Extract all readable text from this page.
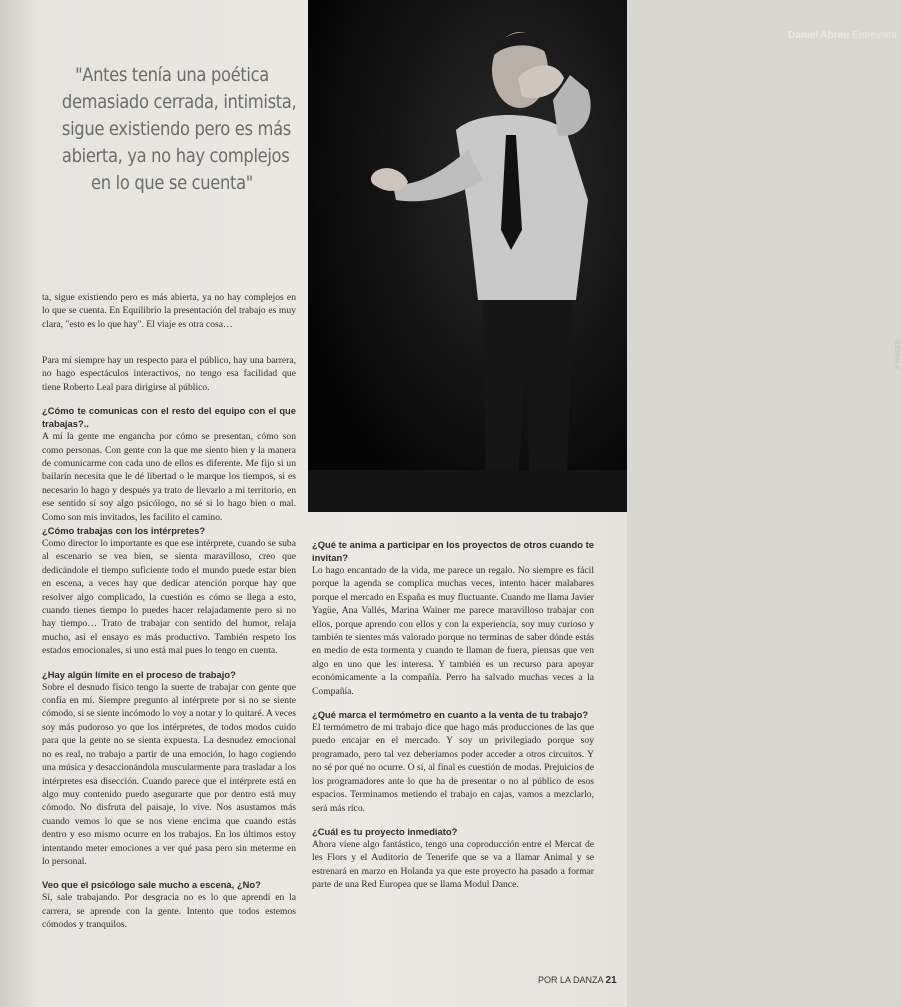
Daniel Abreu Entrevista
© YASSER
"Antes tenía una poética
demasiado cerrada, intimista,
sigue existiendo pero es más
abierta, ya no hay complejos
en lo que se cuenta"

ta, sigue existiendo pero es más abierta, ya no hay complejos en lo que se cuenta. En Equilibrio la presentación del trabajo es muy clara, "esto es lo que hay". El viaje es otra cosa…

Para mí siempre hay un respecto para el público, hay una barrera, no hago espectáculos interactivos, no tengo esa facilidad que tiene Roberto Leal para dirigirse al público.

¿Cómo te comunicas con el resto del equipo con el que trabajas?..

A mí la gente me engancha por cómo se presentan, cómo son como personas. Con gente con la que me siento bien y la manera de comunicarme con cada uno de ellos es diferente. Me fijo si un bailarín necesita que le dé libertad o le marque los tiempos, si es necesario lo hago y después ya trato de llevarlo a mi territorio, en ese sentido sí soy algo psicólogo, no sé si lo hago bien o mal. Como son mis invitados, les facilito el camino.

¿Cómo trabajas con los intérpretes?

Como director lo importante es que ese intérprete, cuando se suba al escenario se vea bien, se sienta maravilloso, creo que dedicándole el tiempo suficiente todo el mundo puede estar bien en escena, a veces hay que dedicar atención porque hay que resolver algo complicado, la cuestión es cómo se llega a esto, cuando tienes tiempo lo puedes hacer relajadamente pero si no hay tiempo… Trato de trabajar con sentido del humor, relaja mucho, así el ensayo es más productivo. También respeto los estados emocionales, si uno está mal pues lo tengo en cuenta.

¿Hay algún límite en el proceso de trabajo?

Sobre el desnudo físico tengo la suerte de trabajar con gente que confía en mí. Siempre pregunto al intérprete por si no se siente cómodo, si se siente incómodo lo voy a notar y lo quitaré. A veces soy más pudoroso yo que los intérpretes, de todos modos cuido para que la gente no se sienta expuesta. La desnudez emocional no es real, no trabajo a partir de una emoción, lo hago cogiendo una música y desaccionándola muscularmente para trasladar a los intérpretes esa disección. Cuando parece que el intérprete está en algo muy contenido puedo asegurarte que por dentro está muy cómodo. No disfruta del paisaje, lo vive. Nos asustamos más cuando vemos lo que se nos viene encima que cuando estás dentro y eso mismo ocurre en los trabajos. En los últimos estoy intentando meter emociones a ver qué pasa pero sin meterme en lo personal.

Veo que el psicólogo sale mucho a escena, ¿No?

Sí, sale trabajando. Por desgracia no es lo que aprendí en la carrera, se aprende con la gente. Intento que todos estemos cómodos y tranquilos.

¿Qué te anima a participar en los proyectos de otros cuando te invitan?

Lo hago encantado de la vida, me parece un regalo. No siempre es fácil porque la agenda se complica muchas veces, intento hacer malabares porque el mercado en España es muy fluctuante. Cuando me llama Javier Yagüe, Ana Vallés, Marina Wainer me parece maravilloso trabajar con ellos, porque aprendo con ellos y con la experiencia, soy muy curioso y también te sientes más valorado porque no terminas de saber dónde estás en medio de esta tormenta y cuando te llaman de fuera, piensas que ven algo en uno que les interesa. Y también es un recurso para apoyar económicamente a la compañía. Perro ha salvado muchas veces a la Compañía.

¿Qué marca el termómetro en cuanto a la venta de tu trabajo?

El termómetro de mi trabajo dice que hago más producciones de las que puedo encajar en el mercado. Y soy un privilegiado porque soy programado, pero tal vez deberíamos poder acceder a otros circuitos. Y no sé por qué no ocurre. O sí, al final es cuestión de modas. Prejuicios de los programadores ante lo que ha de presentar o no al público de esos espacios. Terminamos metiendo el trabajo en cajas, vamos a mezclarlo, será más rico.

¿Cuál es tu proyecto inmediato?

Ahora viene algo fantástico, tengo una coproducción entre el Mercat de les Flors y el Auditorio de Tenerife que se va a llamar Animal y se estrenará en marzo en Holanda ya que este proyecto ha pasado a formar parte de una Red Europea que se llama Modul Dance.

POR LA DANZA 21
